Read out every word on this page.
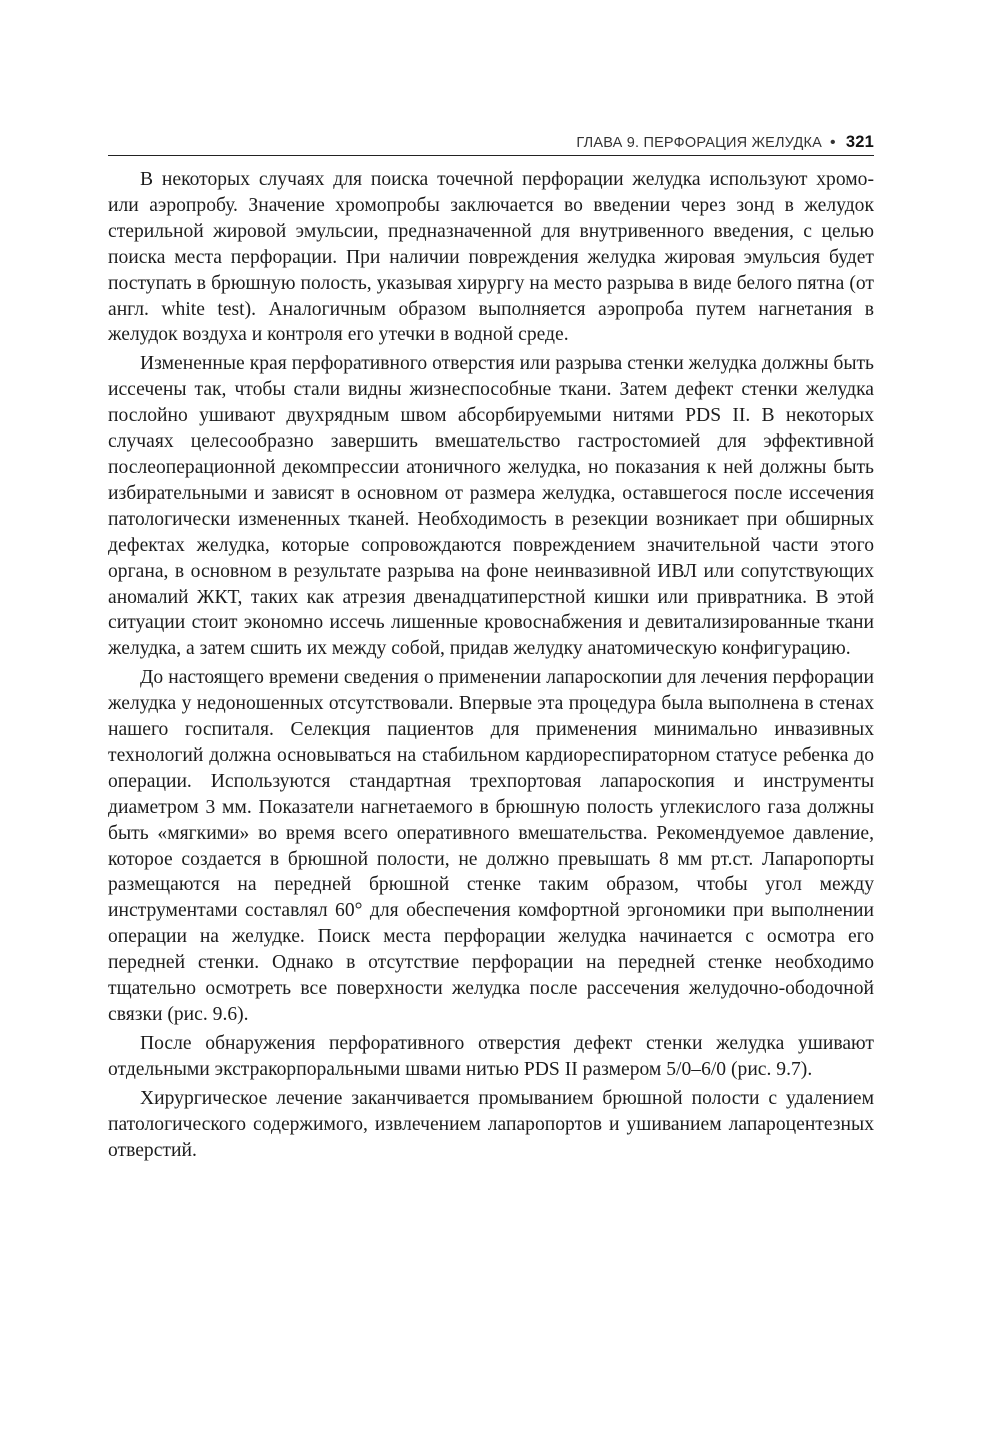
ГЛАВА 9. ПЕРФОРАЦИЯ ЖЕЛУДКА • 321

В некоторых случаях для поиска точечной перфорации желудка используют хромо- или аэропробу. Значение хромопробы заключается во введении через зонд в желудок стерильной жировой эмульсии, предназначенной для внутривенного введения, с целью поиска места перфорации. При наличии повреждения желудка жировая эмульсия будет поступать в брюшную полость, указывая хирургу на место разрыва в виде белого пятна (от англ. white test). Аналогичным образом выполняется аэропроба путем нагнетания в желудок воздуха и контроля его утечки в водной среде.

Измененные края перфоративного отверстия или разрыва стенки желудка должны быть иссечены так, чтобы стали видны жизнеспособные ткани. Затем дефект стенки желудка послойно ушивают двухрядным швом абсорбируемыми нитями PDS II. В некоторых случаях целесообразно завершить вмешательство гастростомией для эффективной послеоперационной декомпрессии атоничного желудка, но показания к ней должны быть избирательными и зависят в основном от размера желудка, оставшегося после иссечения патологически измененных тканей. Необходимость в резекции возникает при обширных дефектах желудка, которые сопровождаются повреждением значительной части этого органа, в основном в результате разрыва на фоне неинвазивной ИВЛ или сопутствующих аномалий ЖКТ, таких как атрезия двенадцатиперстной кишки или привратника. В этой ситуации стоит экономно иссечь лишенные кровоснабжения и девитализированные ткани желудка, а затем сшить их между собой, придав желудку анатомическую конфигурацию.

До настоящего времени сведения о применении лапароскопии для лечения перфорации желудка у недоношенных отсутствовали. Впервые эта процедура была выполнена в стенах нашего госпиталя. Селекция пациентов для применения минимально инвазивных технологий должна основываться на стабильном кардиореспираторном статусе ребенка до операции. Используются стандартная трехпортовая лапароскопия и инструменты диаметром 3 мм. Показатели нагнетаемого в брюшную полость углекислого газа должны быть «мягкими» во время всего оперативного вмешательства. Рекомендуемое давление, которое создается в брюшной полости, не должно превышать 8 мм рт.ст. Лапаропорты размещаются на передней брюшной стенке таким образом, чтобы угол между инструментами составлял 60° для обеспечения комфортной эргономики при выполнении операции на желудке. Поиск места перфорации желудка начинается с осмотра его передней стенки. Однако в отсутствие перфорации на передней стенке необходимо тщательно осмотреть все поверхности желудка после рассечения желудочно-ободочной связки (рис. 9.6).

После обнаружения перфоративного отверстия дефект стенки желудка ушивают отдельными экстракорпоральными швами нитью PDS II размером 5/0–6/0 (рис. 9.7).

Хирургическое лечение заканчивается промыванием брюшной полости с удалением патологического содержимого, извлечением лапаропортов и ушиванием лапароцентезных отверстий.
